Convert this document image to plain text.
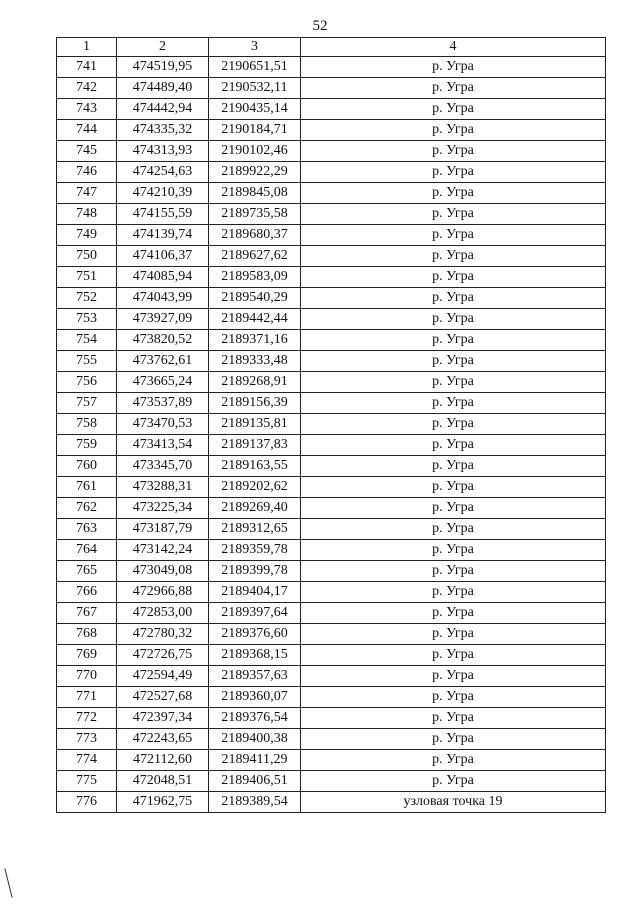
52
1	2	3	4
741	474519,95	2190651,51	р. Угра
742	474489,40	2190532,11	р. Угра
743	474442,94	2190435,14	р. Угра
744	474335,32	2190184,71	р. Угра
745	474313,93	2190102,46	р. Угра
746	474254,63	2189922,29	р. Угра
747	474210,39	2189845,08	р. Угра
748	474155,59	2189735,58	р. Угра
749	474139,74	2189680,37	р. Угра
750	474106,37	2189627,62	р. Угра
751	474085,94	2189583,09	р. Угра
752	474043,99	2189540,29	р. Угра
753	473927,09	2189442,44	р. Угра
754	473820,52	2189371,16	р. Угра
755	473762,61	2189333,48	р. Угра
756	473665,24	2189268,91	р. Угра
757	473537,89	2189156,39	р. Угра
758	473470,53	2189135,81	р. Угра
759	473413,54	2189137,83	р. Угра
760	473345,70	2189163,55	р. Угра
761	473288,31	2189202,62	р. Угра
762	473225,34	2189269,40	р. Угра
763	473187,79	2189312,65	р. Угра
764	473142,24	2189359,78	р. Угра
765	473049,08	2189399,78	р. Угра
766	472966,88	2189404,17	р. Угра
767	472853,00	2189397,64	р. Угра
768	472780,32	2189376,60	р. Угра
769	472726,75	2189368,15	р. Угра
770	472594,49	2189357,63	р. Угра
771	472527,68	2189360,07	р. Угра
772	472397,34	2189376,54	р. Угра
773	472243,65	2189400,38	р. Угра
774	472112,60	2189411,29	р. Угра
775	472048,51	2189406,51	р. Угра
776	471962,75	2189389,54	узловая точка 19
